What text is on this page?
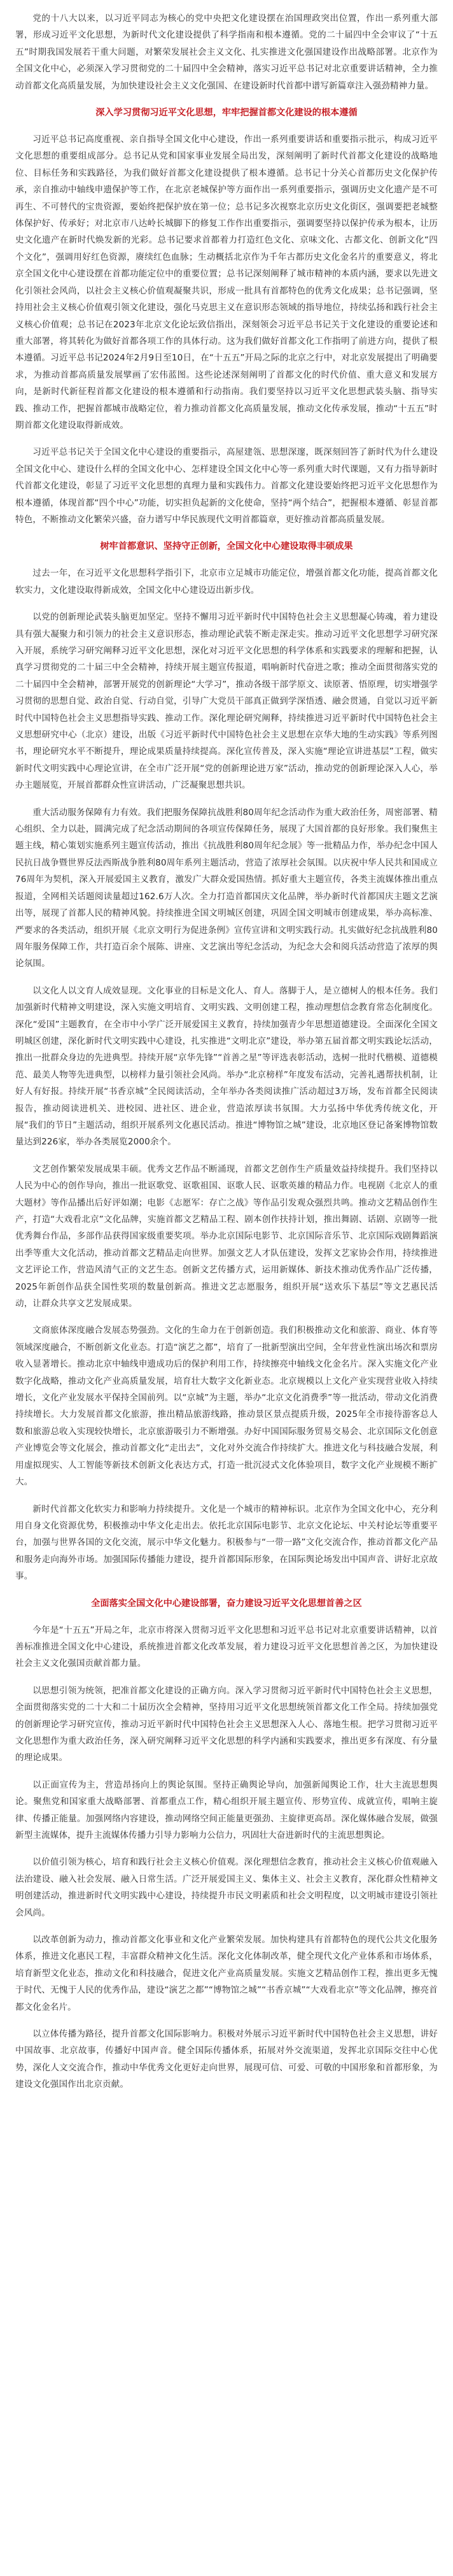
党的十八大以来，以习近平同志为核心的党中央把文化建设摆在治国理政突出位置，作出一系列重大部署，形成习近平文化思想，为新时代文化建设提供了科学指南和根本遵循。党的二十届四中全会审议了“十五五”时期我国发展若干重大问题，对繁荣发展社会主义文化、扎实推进文化强国建设作出战略部署。北京作为全国文化中心，必须深入学习贯彻党的二十届四中全会精神，落实习近平总书记对北京重要讲话精神，全力推动首都文化高质量发展，为加快建设社会主义文化强国、在建设新时代首都中谱写新篇章注入强劲精神力量。

深入学习贯彻习近平文化思想，牢牢把握首都文化建设的根本遵循

习近平总书记高度重视、亲自指导全国文化中心建设，作出一系列重要讲话和重要指示批示，构成习近平文化思想的重要组成部分。总书记从党和国家事业发展全局出发，深刻阐明了新时代首都文化建设的战略地位、目标任务和实践路径，为我们做好首都文化建设提供了根本遵循。总书记十分关心首都历史文化保护传承，亲自推动中轴线申遗保护等工作，在北京老城保护等方面作出一系列重要指示，强调历史文化遗产是不可再生、不可替代的宝贵资源，要始终把保护放在第一位；总书记多次视察北京历史文化街区，强调要把老城整体保护好、传承好；对北京市八达岭长城脚下的修复工作作出重要指示，强调要坚持以保护传承为根本，让历史文化遗产在新时代焕发新的光彩。总书记要求首都着力打造红色文化、京味文化、古都文化、创新文化“四个文化”，强调用好红色资源，赓续红色血脉；生动概括北京作为千年古都历史文化金名片的重要意义，将北京全国文化中心建设摆在首都功能定位中的重要位置；总书记深刻阐释了城市精神的本质内涵，要求以先进文化引领社会风尚，以社会主义核心价值观凝聚共识，形成一批具有首都特色的优秀文化成果；总书记强调，坚持用社会主义核心价值观引领文化建设，强化马克思主义在意识形态领域的指导地位，持续弘扬和践行社会主义核心价值观；总书记在2023年北京文化论坛致信指出，深刻领会习近平总书记关于文化建设的重要论述和重大部署，将其转化为做好首都各项工作的具体行动。这为我们做好首都文化工作指明了前进方向，提供了根本遵循。习近平总书记2024年2月9日至10日，在“十五五”开局之际的北京之行中，对北京发展提出了明确要求，为推动首都高质量发展擘画了宏伟蓝图。这些论述深刻阐明了首都文化的时代价值、重大意义和发展方向，是新时代新征程首都文化建设的根本遵循和行动指南。我们要坚持以习近平文化思想武装头脑、指导实践、推动工作，把握首都城市战略定位，着力推动首都文化高质量发展，推动文化传承发展，推动“十五五”时期首都文化建设取得新成效。

习近平总书记关于全国文化中心建设的重要指示，高屋建瓴、思想深邃，既深刻回答了新时代为什么建设全国文化中心、建设什么样的全国文化中心、怎样建设全国文化中心等一系列重大时代课题，又有力指导新时代首都文化建设，彰显了习近平文化思想的真理力量和实践伟力。首都文化建设要始终把习近平文化思想作为根本遵循，体现首都“四个中心”功能，切实担负起新的文化使命，坚持“两个结合”，把握根本遵循、彰显首都特色，不断推动文化繁荣兴盛，奋力谱写中华民族现代文明首都篇章，更好推动首都高质量发展。

树牢首都意识、坚持守正创新，全国文化中心建设取得丰硕成果

过去一年，在习近平文化思想科学指引下，北京市立足城市功能定位，增强首都文化功能，提高首都文化软实力，文化建设取得新成效，全国文化中心建设迈出新步伐。

以党的创新理论武装头脑更加坚定。坚持不懈用习近平新时代中国特色社会主义思想凝心铸魂，着力建设具有强大凝聚力和引领力的社会主义意识形态，推动理论武装不断走深走实。推动习近平文化思想学习研究深入开展，系统学习研究阐释习近平文化思想，深化对习近平文化思想的科学体系和实践要求的理解和把握，认真学习贯彻党的二十届三中全会精神，持续开展主题宣传报道，唱响新时代奋进之歌；推动全面贯彻落实党的二十届四中全会精神，部署开展党的创新理论“大学习”，推动各级干部学原文、读原著、悟原理，切实增强学习贯彻的思想自觉、政治自觉、行动自觉，引导广大党员干部真正做到学深悟透、融会贯通，自觉以习近平新时代中国特色社会主义思想指导实践、推动工作。深化理论研究阐释，持续推进习近平新时代中国特色社会主义思想研究中心（北京）建设，出版《习近平新时代中国特色社会主义思想在京华大地的生动实践》等系列图书，理论研究水平不断提升，理论成果质量持续提高。深化宣传普及，深入实施“理论宣讲进基层”工程，做实新时代文明实践中心理论宣讲，在全市广泛开展“党的创新理论进万家”活动，推动党的创新理论深入人心，举办主题展览，开展首都群众性宣讲活动，广泛凝聚思想共识。

重大活动服务保障有力有效。我们把服务保障抗战胜利80周年纪念活动作为重大政治任务，周密部署、精心组织、全力以赴，圆满完成了纪念活动期间的各项宣传保障任务，展现了大国首都的良好形象。我们聚焦主题主线，精心策划实施系列主题宣传活动，推出《抗战胜利80周年纪念展》等一批精品力作，举办纪念中国人民抗日战争暨世界反法西斯战争胜利80周年系列主题活动，营造了浓厚社会氛围。以庆祝中华人民共和国成立76周年为契机，深入开展爱国主义教育，激发广大群众爱国热情。抓好重大主题宣传，各类主流媒体推出重点报道，全网相关话题阅读量超过162.6万人次。全力打造首都国庆文化品牌，举办新时代首都国庆主题文艺演出等，展现了首都人民的精神风貌。持续推进全国文明城区创建，巩固全国文明城市创建成果，举办高标准、严要求的各类活动，组织开展《北京文明行为促进条例》宣传宣讲和文明实践行动。扎实做好纪念抗战胜利80周年服务保障工作，共打造百余个展陈、讲座、文艺演出等纪念活动，为纪念大会和阅兵活动营造了浓厚的舆论氛围。

以文化人以文育人成效显现。文化事业的目标是文化人、育人。落脚于人，是立德树人的根本任务。我们加强新时代精神文明建设，深入实施文明培育、文明实践、文明创建工程，推动理想信念教育常态化制度化。深化“爱国”主题教育，在全市中小学广泛开展爱国主义教育，持续加强青少年思想道德建设。全面深化全国文明城区创建，深化新时代文明实践中心建设，扎实推进“文明北京”建设，举办第五届首都文明实践论坛活动，推出一批群众身边的先进典型。持续开展“京华先锋”“首善之星”等评选表彰活动，选树一批时代楷模、道德模范、最美人物等先进典型，以榜样力量引领社会风尚。举办“北京榜样”年度发布活动，完善礼遇帮扶机制，让好人有好报。持续开展“书香京城”全民阅读活动，全年举办各类阅读推广活动超过3万场，发布首都全民阅读报告，推动阅读进机关、进校园、进社区、进企业，营造浓厚读书氛围。大力弘扬中华优秀传统文化，开展“我们的节日”主题活动，组织开展系列文化惠民活动。推进“博物馆之城”建设，北京地区登记备案博物馆数量达到226家，举办各类展览2000余个。

文艺创作繁荣发展成果丰硕。优秀文艺作品不断涌现，首都文艺创作生产质量效益持续提升。我们坚持以人民为中心的创作导向，推出一批讴歌党、讴歌祖国、讴歌人民、讴歌英雄的精品力作。电视剧《北京人的重大题材》等作品播出后好评如潮；电影《志愿军：存亡之战》等作品引发观众强烈共鸣。推动文艺精品创作生产，打造“大戏看北京”文化品牌，实施首都文艺精品工程、剧本创作扶持计划，推出舞剧、话剧、京剧等一批优秀舞台作品，多部作品获得国家级重要奖项。举办北京国际电影节、北京国际音乐节、北京国际戏剧舞蹈演出季等重大文化活动，推动首都文艺精品走向世界。加强文艺人才队伍建设，发挥文艺家协会作用，持续推进文艺评论工作，营造风清气正的文艺生态。创新文艺传播方式，运用新媒体、新技术推动优秀作品广泛传播，2025年新创作品获全国性奖项的数量创新高。推进文艺志愿服务，组织开展“送欢乐下基层”等文艺惠民活动，让群众共享文艺发展成果。

文商旅体深度融合发展态势强劲。文化的生命力在于创新创造。我们积极推动文化和旅游、商业、体育等领域深度融合，不断创新文化业态。打造“演艺之都”，培育了一批新型演出空间，全年营业性演出场次和票房收入显著增长。推动北京中轴线申遗成功后的保护利用工作，持续擦亮中轴线文化金名片。深入实施文化产业数字化战略，推动文化产业高质量发展，培育壮大数字文化新业态。北京规模以上文化产业实现营业收入持续增长，文化产业发展水平保持全国前列。以“京城”为主题，举办“北京文化消费季”等一批活动，带动文化消费持续增长。大力发展首都文化旅游，推出精品旅游线路，推动景区景点提质升级，2025年全市接待游客总人数和旅游总收入实现较快增长，北京旅游吸引力不断增强。办好中国国际服务贸易交易会、北京国际文化创意产业博览会等文化展会，推动首都文化“走出去”，文化对外交流合作持续扩大。推进文化与科技融合发展，利用虚拟现实、人工智能等新技术创新文化表达方式，打造一批沉浸式文化体验项目，数字文化产业规模不断扩大。

新时代首都文化软实力和影响力持续提升。文化是一个城市的精神标识。北京作为全国文化中心，充分利用自身文化资源优势，积极推动中华文化走出去。依托北京国际电影节、北京文化论坛、中关村论坛等重要平台，加强与世界各国的文化交流，展示中华文化魅力。积极参与“一带一路”文化交流合作，推动首都文化产品和服务走向海外市场。加强国际传播能力建设，提升首都国际形象，在国际舆论场发出中国声音、讲好北京故事。

全面落实全国文化中心建设部署，奋力建设习近平文化思想首善之区

今年是“十五五”开局之年，北京市将深入贯彻习近平文化思想和习近平总书记对北京重要讲话精神，以首善标准推进全国文化中心建设，系统推进首都文化改革发展，着力建设习近平文化思想首善之区，为加快建设社会主义文化强国贡献首都力量。

以思想引领为统领，把准首都文化建设的正确方向。深入学习贯彻习近平新时代中国特色社会主义思想，全面贯彻落实党的二十大和二十届历次全会精神，坚持用习近平文化思想统领首都文化工作全局。持续加强党的创新理论学习研究宣传，推动习近平新时代中国特色社会主义思想深入人心、落地生根。把学习贯彻习近平文化思想作为重大政治任务，深入研究阐释习近平文化思想的科学内涵和实践要求，推出更多有深度、有分量的理论成果。

以正面宣传为主，营造昂扬向上的舆论氛围。坚持正确舆论导向，加强新闻舆论工作，壮大主流思想舆论。聚焦党和国家重大战略部署、首都重点工作，精心组织开展主题宣传、形势宣传、成就宣传，唱响主旋律、传播正能量。加强网络内容建设，推动网络空间正能量更强劲、主旋律更高昂。深化媒体融合发展，做强新型主流媒体，提升主流媒体传播力引导力影响力公信力，巩固壮大奋进新时代的主流思想舆论。

以价值引领为核心，培育和践行社会主义核心价值观。深化理想信念教育，推动社会主义核心价值观融入法治建设、融入社会发展、融入日常生活。广泛开展爱国主义、集体主义、社会主义教育，深化群众性精神文明创建活动，推进新时代文明实践中心建设，持续提升市民文明素质和社会文明程度，以文明城市建设引领社会风尚。

以改革创新为动力，推动首都文化事业和文化产业繁荣发展。加快构建具有首都特色的现代公共文化服务体系，推进文化惠民工程，丰富群众精神文化生活。深化文化体制改革，健全现代文化产业体系和市场体系，培育新型文化业态，推动文化和科技融合，促进文化产业高质量发展。实施文艺精品创作工程，推出更多无愧于时代、无愧于人民的优秀作品，建设“演艺之都”“博物馆之城”“书香京城”“大戏看北京”等文化品牌，擦亮首都文化金名片。

以立体传播为路径，提升首都文化国际影响力。积极对外展示习近平新时代中国特色社会主义思想，讲好中国故事、北京故事，传播好中国声音。健全国际传播体系，拓展对外交流渠道，发挥北京国际交往中心优势，深化人文交流合作，推动中华优秀文化更好走向世界，展现可信、可爱、可敬的中国形象和首都形象，为建设文化强国作出北京贡献。
